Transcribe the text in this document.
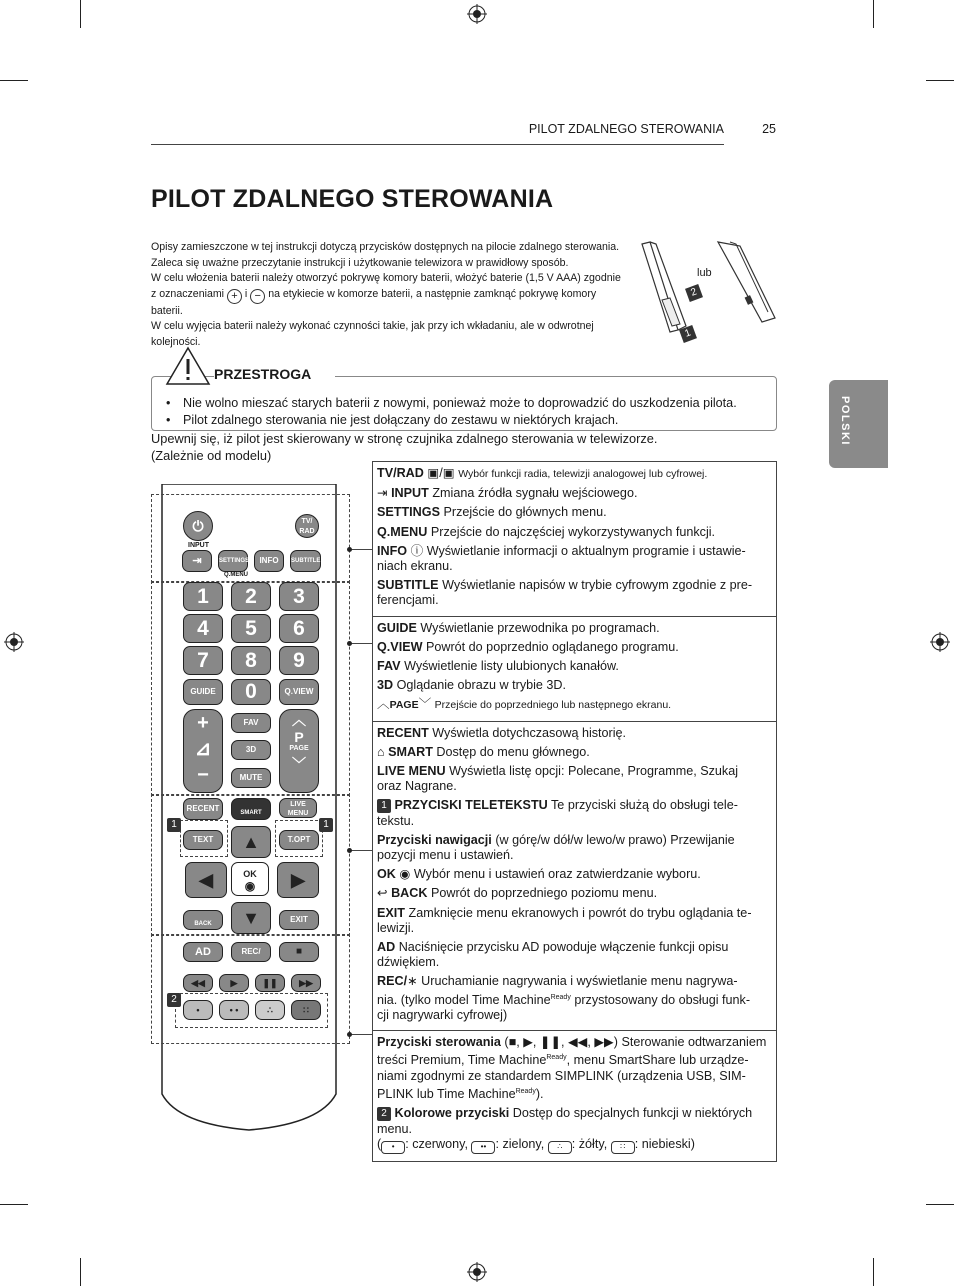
PILOT ZDALNEGO STEROWANIA	25
PILOT ZDALNEGO STEROWANIA
POLSKI

Opisy zamieszczone w tej instrukcji dotyczą przycisków dostępnych na pilocie zdalnego sterowania.

Zaleca się uważne przeczytanie instrukcji i użytkowanie telewizora w prawidłowy sposób.

W celu włożenia baterii należy otworzyć pokrywę komory baterii, włożyć baterie (1,5 V AAA) zgodnie

z oznaczeniami + i − na etykiecie w komorze baterii, a następnie zamknąć pokrywę komory

baterii.

W celu wyjęcia baterii należy wykonać czynności takie, jak przy ich wkładaniu, ale w odwrotnej

kolejności.

lub
2
1
PRZESTROGA
• Nie wolno mieszać starych baterii z nowymi, ponieważ może to doprowadzić do uszkodzenia pilota.
• Pilot zdalnego sterowania nie jest dołączany do zestawu w niektórych krajach.
Upewnij się, iż pilot jest skierowany w stronę czujnika zdalnego sterowania w telewizorze.
(Zależnie od modelu)
TV/RAD ▣/▣ Wybór funkcji radia, telewizji analogowej lub cyfrowej.
⇥ INPUT Zmiana źródła sygnału wejściowego.
SETTINGS Przejście do głównych menu.
Q.MENU Przejście do najczęściej wykorzystywanych funkcji.
INFO ⓘ Wyświetlanie informacji o aktualnym programie i ustawie-
niach ekranu.
SUBTITLE Wyświetlanie napisów w trybie cyfrowym zgodnie z pre-
ferencjami.
GUIDE Wyświetlanie przewodnika po programach.
Q.VIEW Powrót do poprzednio oglądanego programu.
FAV Wyświetlenie listy ulubionych kanałów.
3D Oglądanie obrazu w trybie 3D.
︿PAGE﹀ Przejście do poprzedniego lub następnego ekranu.
RECENT Wyświetla dotychczasową historię.
⌂ SMART Dostęp do menu głównego.
LIVE MENU Wyświetla listę opcji: Polecane, Programme, Szukaj
oraz Nagrane.
1 PRZYCISKI TELETEKSTU Te przyciski służą do obsługi tele-
tekstu.
Przyciski nawigacji (w górę/w dół/w lewo/w prawo) Przewijanie
pozycji menu i ustawień.
OK ◉ Wybór menu i ustawień oraz zatwierdzanie wyboru.
↩ BACK Powrót do poprzedniego poziomu menu.
EXIT Zamknięcie menu ekranowych i powrót do trybu oglądania te-
lewizji.
AD Naciśnięcie przycisku AD powoduje włączenie funkcji opisu
dźwiękiem.
REC/∗ Uruchamianie nagrywania i wyświetlanie menu nagrywa-
nia. (tylko model Time Machine$^{Ready}$ przystosowany do obsługi funk-
cji nagrywarki cyfrowej)
Przyciski sterowania (■, ▶, ❚❚, ◀◀, ▶▶) Sterowanie odtwarzaniem
treści Premium, Time Machine$^{Ready}$, menu SmartShare lub urządze-
niami zgodnymi ze standardem SIMPLINK (urządzenia USB, SIM-
PLINK lub Time Machine$^{Ready}$).
2 Kolorowe przyciski Dostęp do specjalnych funkcji w niektórych
menu.
( • : czerwony, •• : zielony, ∴ : żółty, ∷ : niebieski)
⏻	TV/
RAD
INPUT
⇥	SETTINGS	INFO	SUBTITLE
Q.MENU
1	2	3
4	5	6
7	8	9
GUIDE	0	Q.VIEW
+
⊿
−
FAV
3D
MUTE
︿
P
PAGE
﹀
RECENT	SMART
LIVE
MENU
TEXT	T.OPT
▲
◀	OK
◉	▶
▼
BACK	EXIT
1	1
AD	REC/	■
◀◀	▶	❚❚	▶▶
•	• •	∴	∷
2
